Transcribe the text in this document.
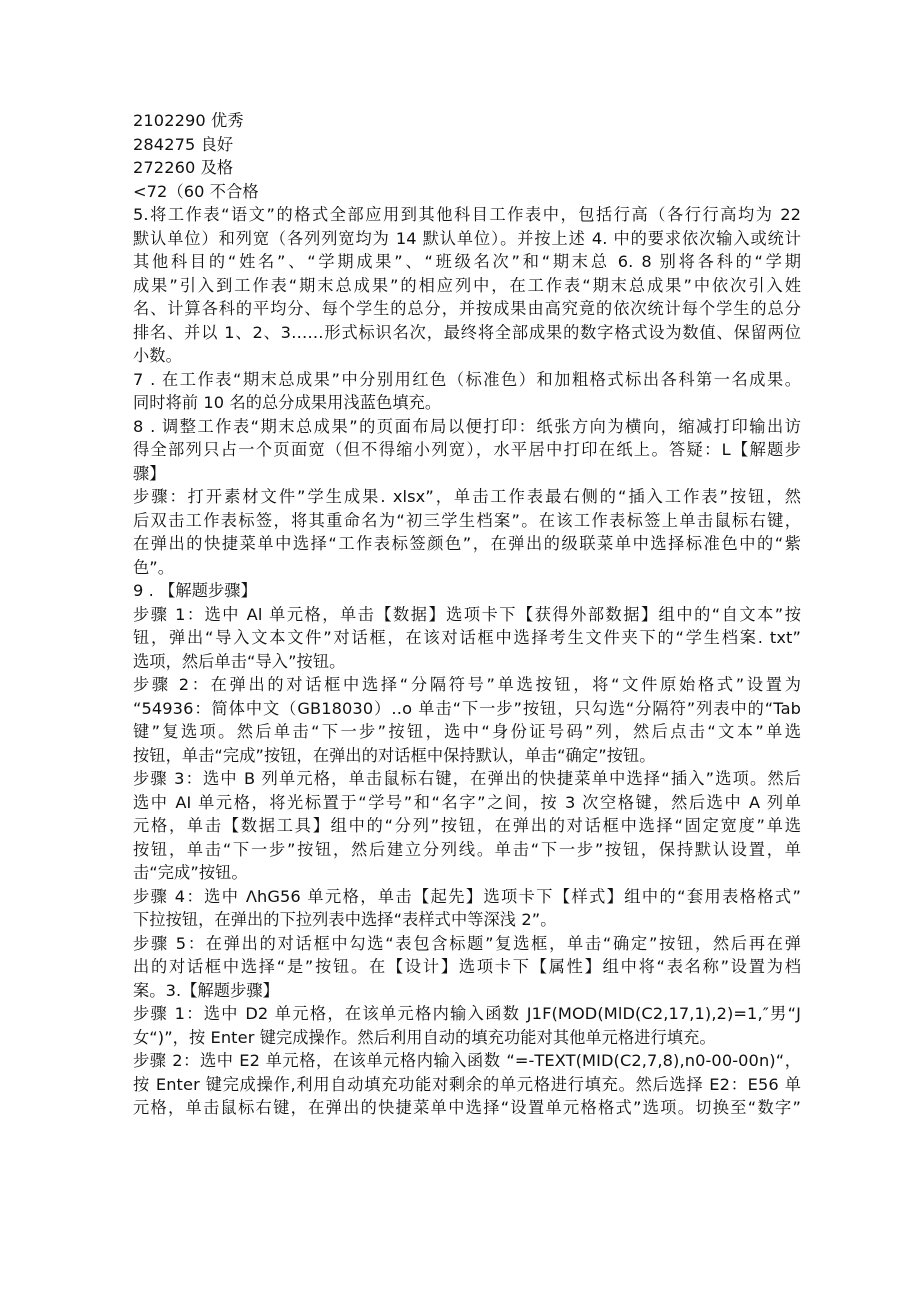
2102290 优秀
284275 良好
272260 及格
<72（60 不合格
5.将工作表“语文”的格式全部应用到其他科目工作表中，包括行高（各行行高均为 22
默认单位）和列宽（各列列宽均为 14 默认单位）。并按上述 4. 中的要求依次输入或统计
其他科目的“姓名”、“学期成果”、“班级名次”和“期末总 6. 8 别将各科的“学期
成果”引入到工作表“期末总成果”的相应列中，在工作表“期末总成果”中依次引入姓
名、计算各科的平均分、每个学生的总分，并按成果由高究竟的依次统计每个学生的总分
排名、并以 1、2、3……形式标识名次，最终将全部成果的数字格式设为数值、保留两位
小数。
7 . 在工作表“期末总成果”中分别用红色（标准色）和加粗格式标出各科第一名成果。
同时将前 10 名的总分成果用浅蓝色填充。
8 . 调整工作表“期末总成果”的页面布局以便打印：纸张方向为横向，缩减打印输出访
得全部列只占一个页面宽（但不得缩小列宽），水平居中打印在纸上。答疑：L【解题步
骤】
步骤：打开素材文件”学生成果. xlsx”，单击工作表最右侧的“插入工作表”按钮，然
后双击工作表标签，将其重命名为“初三学生档案”。在该工作表标签上单击鼠标右键，
在弹出的快捷菜单中选择“工作表标签颜色”，在弹出的级联菜单中选择标准色中的“紫
色”。
9 . 【解题步骤】
步骤 1：选中 Al 单元格，单击【数据】选项卡下【获得外部数据】组中的“自文本”按
钮，弹出“导入文本文件”对话框，在该对话框中选择考生文件夹下的“学生档案. txt”
选项，然后单击“导入”按钮。
步骤 2：在弹出的对话框中选择“分隔符号”单选按钮，将“文件原始格式”设置为
“54936：简体中文（GB18030）‥o 单击“下一步”按钮，只勾选“分隔符”列表中的“Tab
键”复选项。然后单击“下一步”按钮，选中“身份证号码”列，然后点击“文本”单选
按钮，单击“完成”按钮，在弹出的对话框中保持默认，单击“确定”按钮。
步骤 3：选中 B 列单元格，单击鼠标右键，在弹出的快捷菜单中选择“插入”选项。然后
选中 AI 单元格，将光标置于“学号”和“名字”之间，按 3 次空格键，然后选中 A 列单
元格，单击【数据工具】组中的“分列”按钮，在弹出的对话框中选择“固定宽度”单选
按钮，单击“下一步”按钮，然后建立分列线。单击“下一步”按钮，保持默认设置，单
击“完成”按钮。
步骤 4：选中 ΛhG56 单元格，单击【起先】选项卡下【样式】组中的“套用表格格式”
下拉按钮，在弹出的下拉列表中选择“表样式中等深浅 2”。
步骤 5：在弹出的对话框中勾选“表包含标题”复选框，单击“确定”按钮，然后再在弹
出的对话框中选择“是”按钮。在【设计】选项卡下【属性】组中将“表名称”设置为档
案。3.【解题步骤】
步骤 1：选中 D2 单元格，在该单元格内输入函数 J1F(MOD(MlD(C2,17,1),2)=1,″男“J
女“)”，按 Enter 键完成操作。然后利用自动的填充功能对其他单元格进行填充。
步骤 2：选中 E2 单元格，在该单元格内输入函数 “=-TEXT(MID(C2,7,8),n0-00-00n)“，
按 Enter 键完成操作,利用自动填充功能对剩余的单元格进行填充。然后选择 E2：E56 单
元格，单击鼠标右键，在弹出的快捷菜单中选择“设置单元格格式”选项。切换至“数字”
